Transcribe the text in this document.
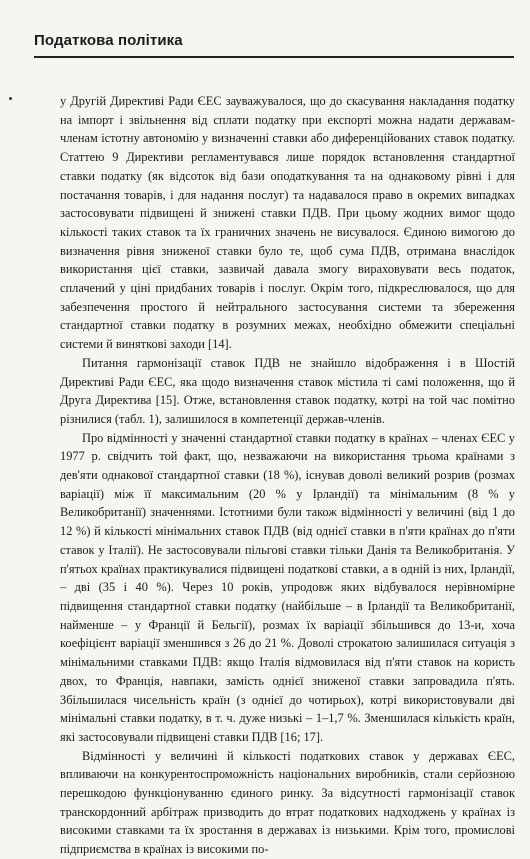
Податкова політика

у Другій Директиві Ради ЄЕС зауважувалося, що до скасування накладання податку на імпорт і звільнення від сплати податку при експорті можна надати державам-членам істотну автономію у визначенні ставки або диференційованих ставок податку. Статтею 9 Директиви регламентувався лише порядок встановлення стандартної ставки податку (як відсоток від бази оподаткування та на однаковому рівні і для постачання товарів, і для надання послуг) та надавалося право в окремих випадках застосовувати підвищені й знижені ставки ПДВ. При цьому жодних вимог щодо кількості таких ставок та їх граничних значень не висувалося. Єдиною вимогою до визначення рівня зниженої ставки було те, щоб сума ПДВ, отримана внаслідок використання цієї ставки, зазвичай давала змогу вираховувати весь податок, сплачений у ціні придбаних товарів і послуг. Окрім того, підкреслювалося, що для забезпечення простого й нейтрального застосування системи та збереження стандартної ставки податку в розумних межах, необхідно обмежити спеціальні системи й виняткові заходи [14].

Питання гармонізації ставок ПДВ не знайшло відображення і в Шостій Директиві Ради ЄЕС, яка щодо визначення ставок містила ті самі положення, що й Друга Директива [15]. Отже, встановлення ставок податку, котрі на той час помітно різнилися (табл. 1), залишилося в компетенції держав-членів.

Про відмінності у значенні стандартної ставки податку в країнах – членах ЄЕС у 1977 р. свідчить той факт, що, незважаючи на використання трьома країнами з дев'яти однакової стандартної ставки (18 %), існував доволі великий розрив (розмах варіації) між її максимальним (20 % у Ірландії) та мінімальним (8 % у Великобританії) значеннями. Істотними були також відмінності у величині (від 1 до 12 %) й кількості мінімальних ставок ПДВ (від однієї ставки в п'яти країнах до п'яти ставок у Італії). Не застосовували пільгові ставки тільки Данія та Великобританія. У п'ятьох країнах практикувалися підвищені податкові ставки, а в одній із них, Ірландії, – дві (35 і 40 %). Через 10 років, упродовж яких відбувалося нерівномірне підвищення стандартної ставки податку (найбільше – в Ірландії та Великобританії, найменше – у Франції й Бельгії), розмах їх варіації збільшився до 13-и, хоча коефіцієнт варіації зменшився з 26 до 21 %. Доволі строкатою залишилася ситуація з мінімальними ставками ПДВ: якщо Італія відмовилася від п'яти ставок на користь двох, то Франція, навпаки, замість однієї зниженої ставки запровадила п'ять. Збільшилася чисельність країн (з однієї до чотирьох), котрі використовували дві мінімальні ставки податку, в т. ч. дуже низькі – 1–1,7 %. Зменшилася кількість країн, які застосовували підвищені ставки ПДВ [16; 17].

Відмінності у величині й кількості податкових ставок у державах ЄЕС, впливаючи на конкурентоспроможність національних виробників, стали серйозною перешкодою функціонуванню єдиного ринку. За відсутності гармонізації ставок транскордонний арбітраж призводить до втрат податкових надходжень у країнах із високими ставками та їх зростання в державах із низькими. Крім того, промислові підприємства в країнах із високими по-
